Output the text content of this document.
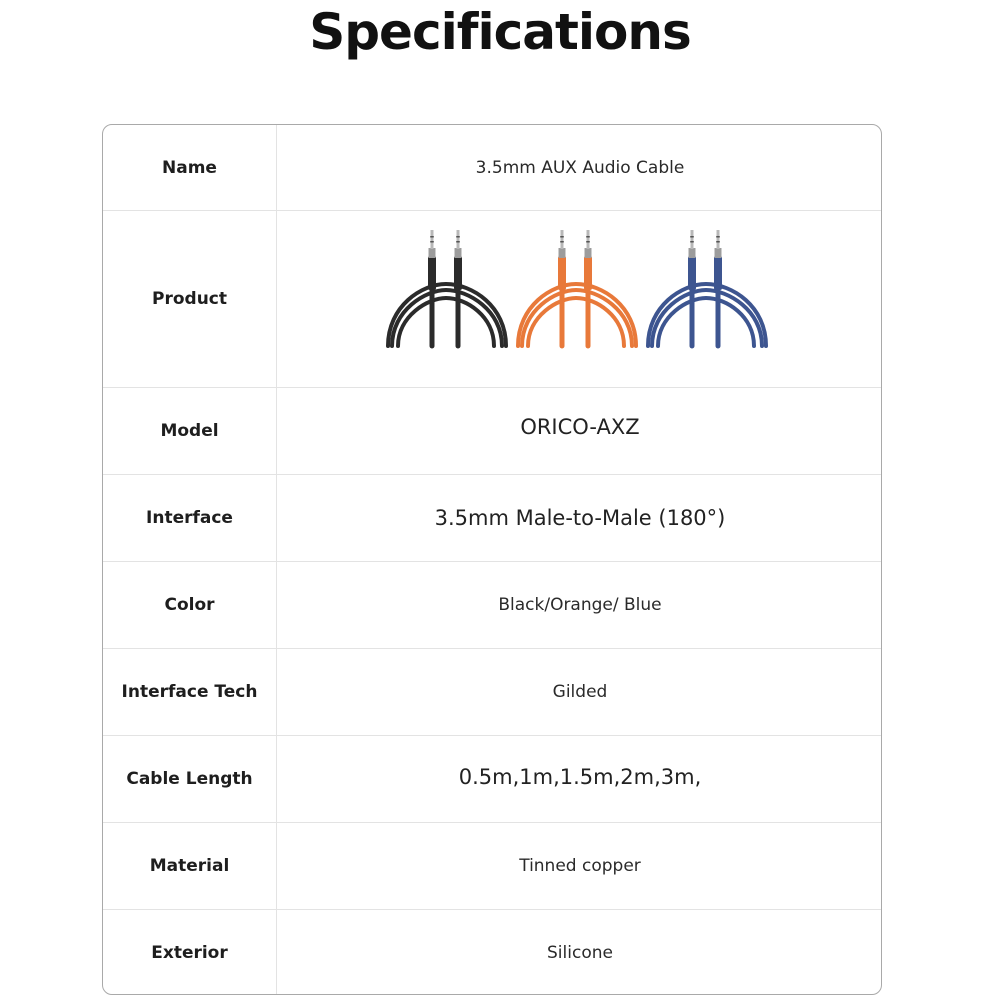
Specifications
Name	3.5mm AUX Audio Cable
Product
Model	ORICO-AXZ
Interface	3.5mm Male-to-Male (180°)
Color	Black/Orange/ Blue
Interface Tech	Gilded
Cable Length	0.5m,1m,1.5m,2m,3m,
Material	Tinned copper
Exterior	Silicone
